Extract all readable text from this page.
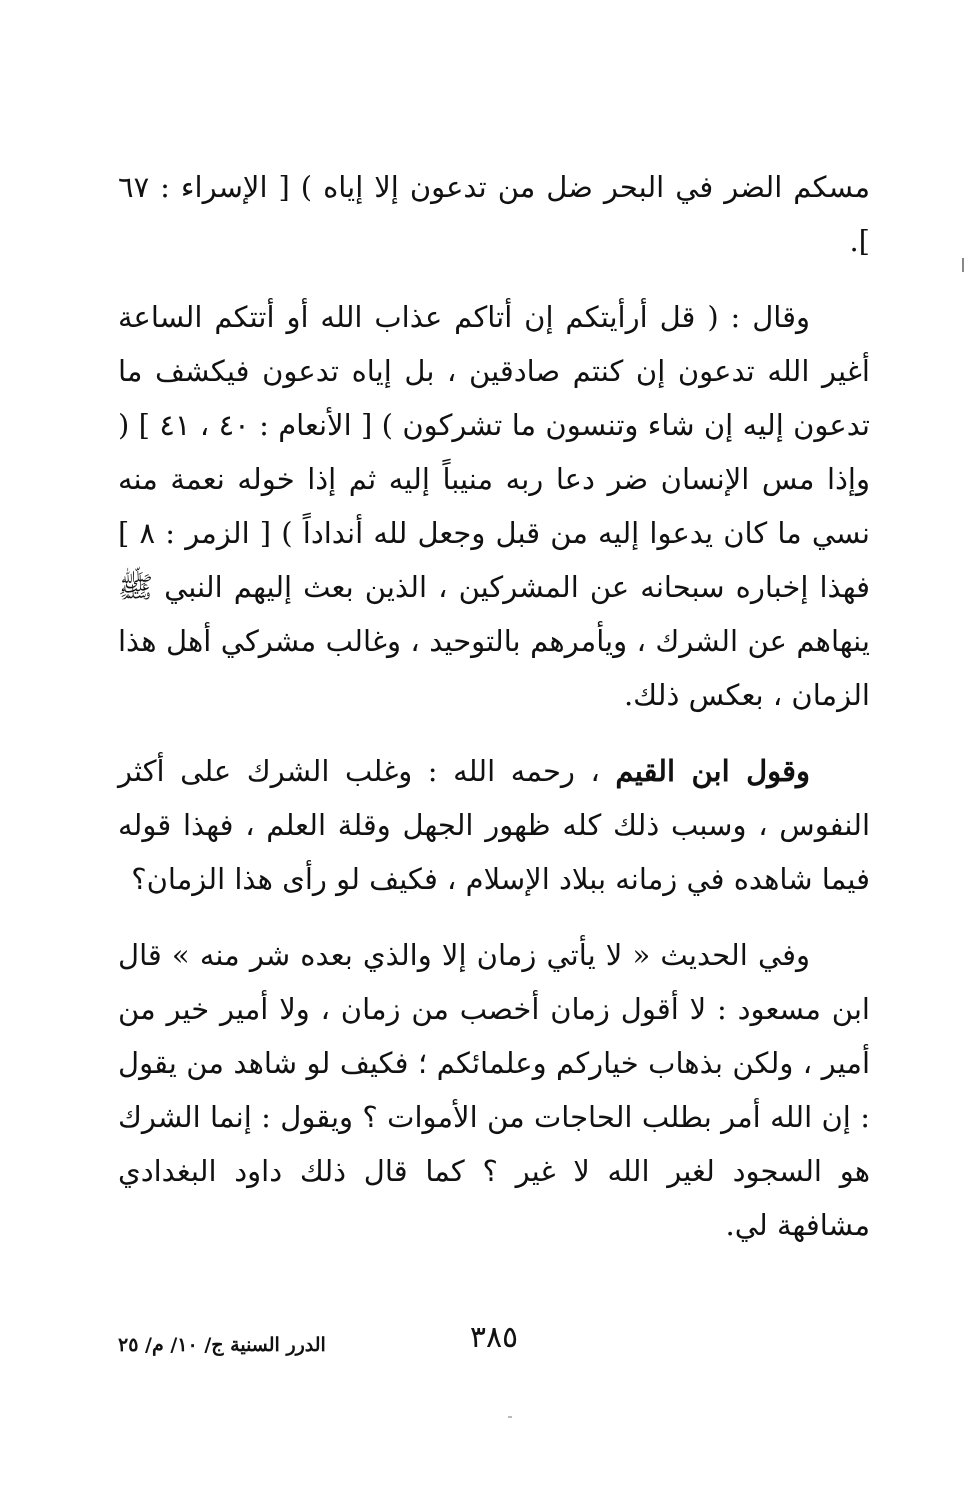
مسكم الضر في البحر ضل من تدعون إلا إياه ) [ الإسراء : ٦٧ ].

وقال : ( قل أرأيتكم إن أتاكم عذاب الله أو أتتكم الساعة أغير الله تدعون إن كنتم صادقين ، بل إياه تدعون فيكشف ما تدعون إليه إن شاء وتنسون ما تشركون ) [ الأنعام : ٤٠ ، ٤١ ] ( وإذا مس الإنسان ضر دعا ربه منيباً إليه ثم إذا خوله نعمة منه نسي ما كان يدعوا إليه من قبل وجعل لله أنداداً ) [ الزمر : ٨ ] فهذا إخباره سبحانه عن المشركين ، الذين بعث إليهم النبي ﷺ ينهاهم عن الشرك ، ويأمرهم بالتوحيد ، وغالب مشركي أهل هذا الزمان ، بعكس ذلك.

وقول ابن القيم ، رحمه الله : وغلب الشرك على أكثر النفوس ، وسبب ذلك كله ظهور الجهل وقلة العلم ، فهذا قوله فيما شاهده في زمانه ببلاد الإسلام ، فكيف لو رأى هذا الزمان؟

وفي الحديث « لا يأتي زمان إلا والذي بعده شر منه » قال ابن مسعود : لا أقول زمان أخصب من زمان ، ولا أمير خير من أمير ، ولكن بذهاب خياركم وعلمائكم ؛ فكيف لو شاهد من يقول : إن الله أمر بطلب الحاجات من الأموات ؟ ويقول : إنما الشرك هو السجود لغير الله لا غير ؟ كما قال ذلك داود البغدادي مشافهة لي.

٣٨٥
الدرر السنية ج/ ١٠/ م/ ٢٥
